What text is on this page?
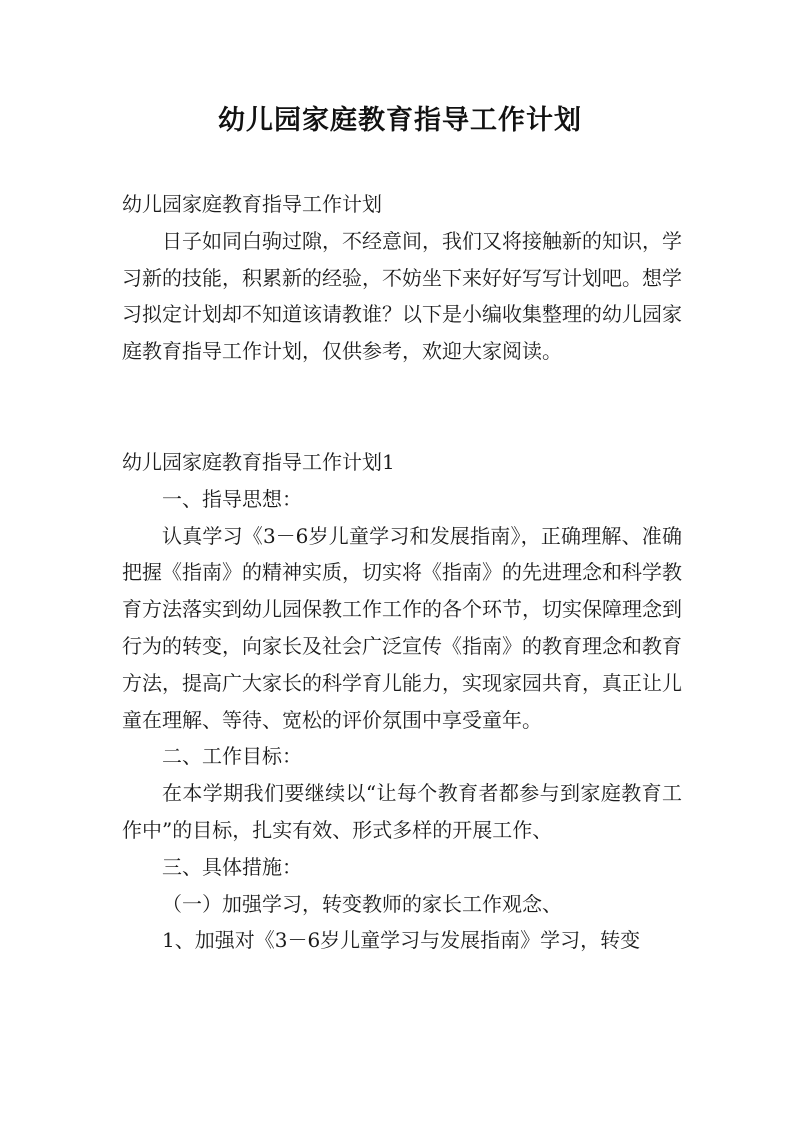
幼儿园家庭教育指导工作计划

幼儿园家庭教育指导工作计划

日子如同白驹过隙，不经意间，我们又将接触新的知识，学习新的技能，积累新的经验，不妨坐下来好好写写计划吧。想学习拟定计划却不知道该请教谁？以下是小编收集整理的幼儿园家庭教育指导工作计划，仅供参考，欢迎大家阅读。

幼儿园家庭教育指导工作计划1

一、指导思想：

认真学习《3－6岁儿童学习和发展指南》，正确理解、准确把握《指南》的精神实质，切实将《指南》的先进理念和科学教育方法落实到幼儿园保教工作工作的各个环节，切实保障理念到行为的转变，向家长及社会广泛宣传《指南》的教育理念和教育方法，提高广大家长的科学育儿能力，实现家园共育，真正让儿童在理解、等待、宽松的评价氛围中享受童年。

二、工作目标：

在本学期我们要继续以“让每个教育者都参与到家庭教育工作中”的目标，扎实有效、形式多样的开展工作、

三、具体措施：

（一）加强学习，转变教师的家长工作观念、

1、加强对《3－6岁儿童学习与发展指南》学习，转变
